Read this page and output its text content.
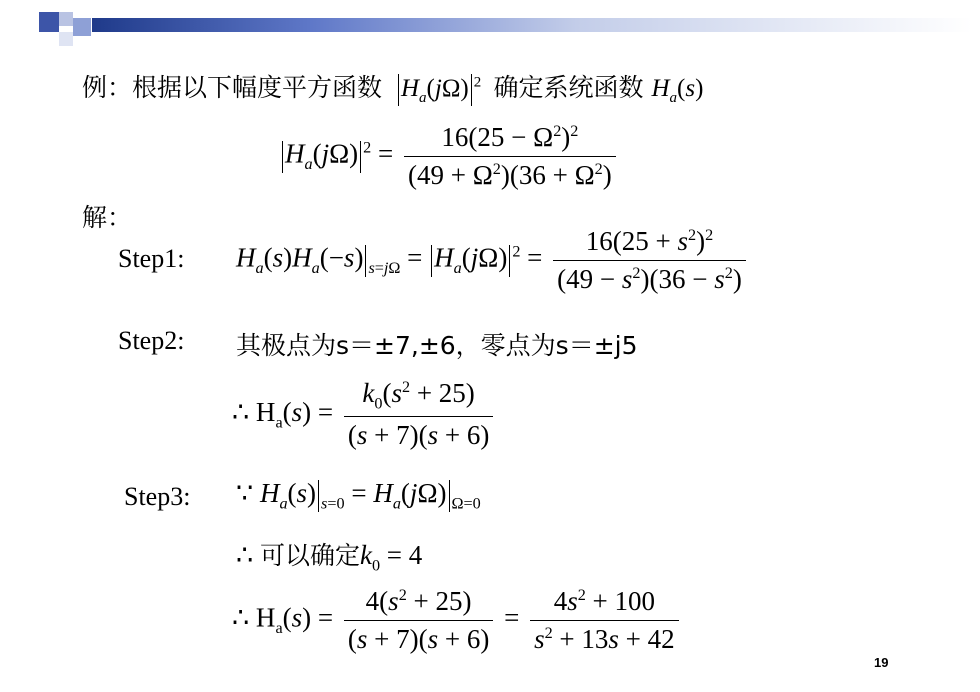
例：根据以下幅度平方函数 $H_a(j\Omega)$ $^2$ 确定系统函数 $H_a(s)$
$H_a(j\Omega) ^2 = \frac{16(25 - \Omega^2)^2}{(49 + \Omega^2)(36 + \Omega^2)}$
解：
Step1: $H_a(s)H_a(-s) _{s=j\Omega} = H_a(j\Omega) ^2 = \frac{16(25 + s^2)^2}{(49 - s^2)(36 - s^2)}$
Step2: 其极点为s＝±7,±6，零点为s＝±j5
∴ $H_a(s) = \frac{k_0(s^2 + 25)}{(s + 7)(s + 6)}$
Step3: ∵ $H_a(s) _{s=0} = H_a(j\Omega)$ $_{\Omega=0}$
∴ 可以确定$k_0 = 4$
∴ $H_a(s) = \frac{4(s^2 + 25)}{(s + 7)(s + 6)} = \frac{4s^2 + 100}{s^2 + 13s + 42}$
19
